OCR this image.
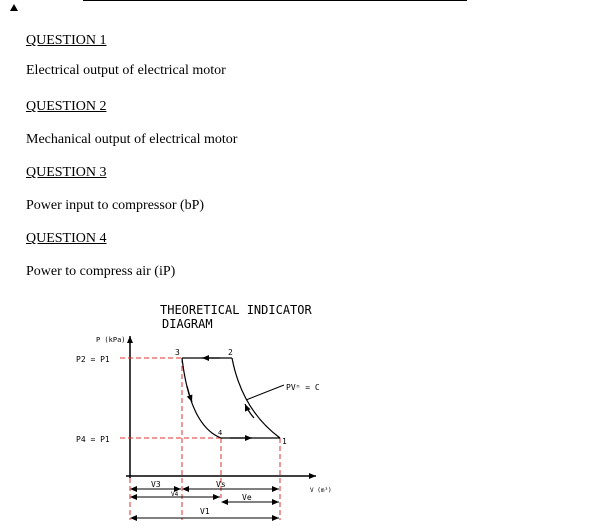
QUESTION 1
Electrical output of electrical motor
QUESTION 2
Mechanical output of electrical motor
QUESTION 3
Power input to compressor (bP)
QUESTION 4
Power to compress air (iP)
THEORETICAL INDICATOR
DIAGRAM
P (kPa)
V (m³)
P2 = P1
P4 = P1
3	2
4
1
PVⁿ = C
V3
V4
Vs
Ve
V1
